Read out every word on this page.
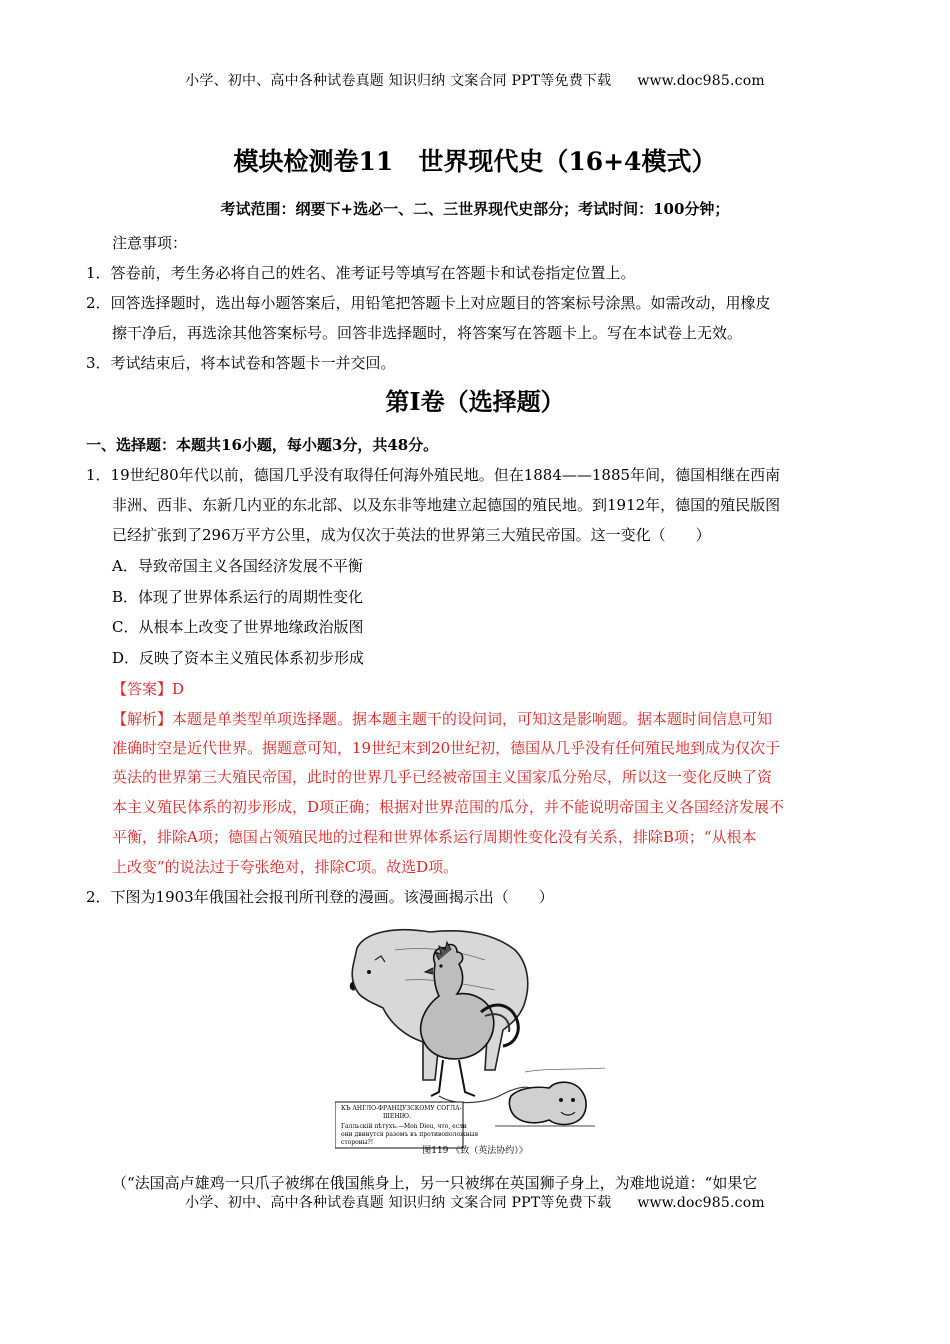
小学、初中、高中各种试卷真题 知识归纳 文案合同 PPT等免费下载 www.doc985.com
模块检测卷11　世界现代史（16+4模式）
考试范围：纲要下+选必一、二、三世界现代史部分；考试时间：100分钟；
注意事项：
1．答卷前，考生务必将自己的姓名、准考证号等填写在答题卡和试卷指定位置上。
2．回答选择题时，选出每小题答案后，用铅笔把答题卡上对应题目的答案标号涂黑。如需改动，用橡皮
擦干净后，再选涂其他答案标号。回答非选择题时，将答案写在答题卡上。写在本试卷上无效。
3．考试结束后，将本试卷和答题卡一并交回。
第I卷（选择题）
一、选择题：本题共16小题，每小题3分，共48分。
1．19世纪80年代以前，德国几乎没有取得任何海外殖民地。但在1884——1885年间，德国相继在西南
非洲、西非、东新几内亚的东北部、以及东非等地建立起德国的殖民地。到1912年，德国的殖民版图
已经扩张到了296万平方公里，成为仅次于英法的世界第三大殖民帝国。这一变化（　　）
A．导致帝国主义各国经济发展不平衡
B．体现了世界体系运行的周期性变化
C．从根本上改变了世界地缘政治版图
D．反映了资本主义殖民体系初步形成
【答案】D
【解析】本题是单类型单项选择题。据本题主题干的设问词，可知这是影响题。据本题时间信息可知
准确时空是近代世界。据题意可知，19世纪末到20世纪初，德国从几乎没有任何殖民地到成为仅次于
英法的世界第三大殖民帝国，此时的世界几乎已经被帝国主义国家瓜分殆尽，所以这一变化反映了资
本主义殖民体系的初步形成，D项正确；根据对世界范围的瓜分，并不能说明帝国主义各国经济发展不
平衡，排除A项；德国占领殖民地的过程和世界体系运行周期性变化没有关系，排除B项；“从根本
上改变”的说法过于夸张绝对，排除C项。故选D项。
2．下图为1903年俄国社会报刊所刊登的漫画。该漫画揭示出（　　）
КЪ АНГЛО-ФРАНЦУЗСКОМУ СОГЛА-
ШЕНІЮ.
Галльскій пѣтухъ.—Mon Dieu, что, если
они двинутся разомъ въ противоположныя
стороны?!
图119 《致（英法协约）》
（“法国高卢雄鸡一只爪子被绑在俄国熊身上，另一只被绑在英国狮子身上，为难地说道：“如果它
小学、初中、高中各种试卷真题 知识归纳 文案合同 PPT等免费下载 www.doc985.com
